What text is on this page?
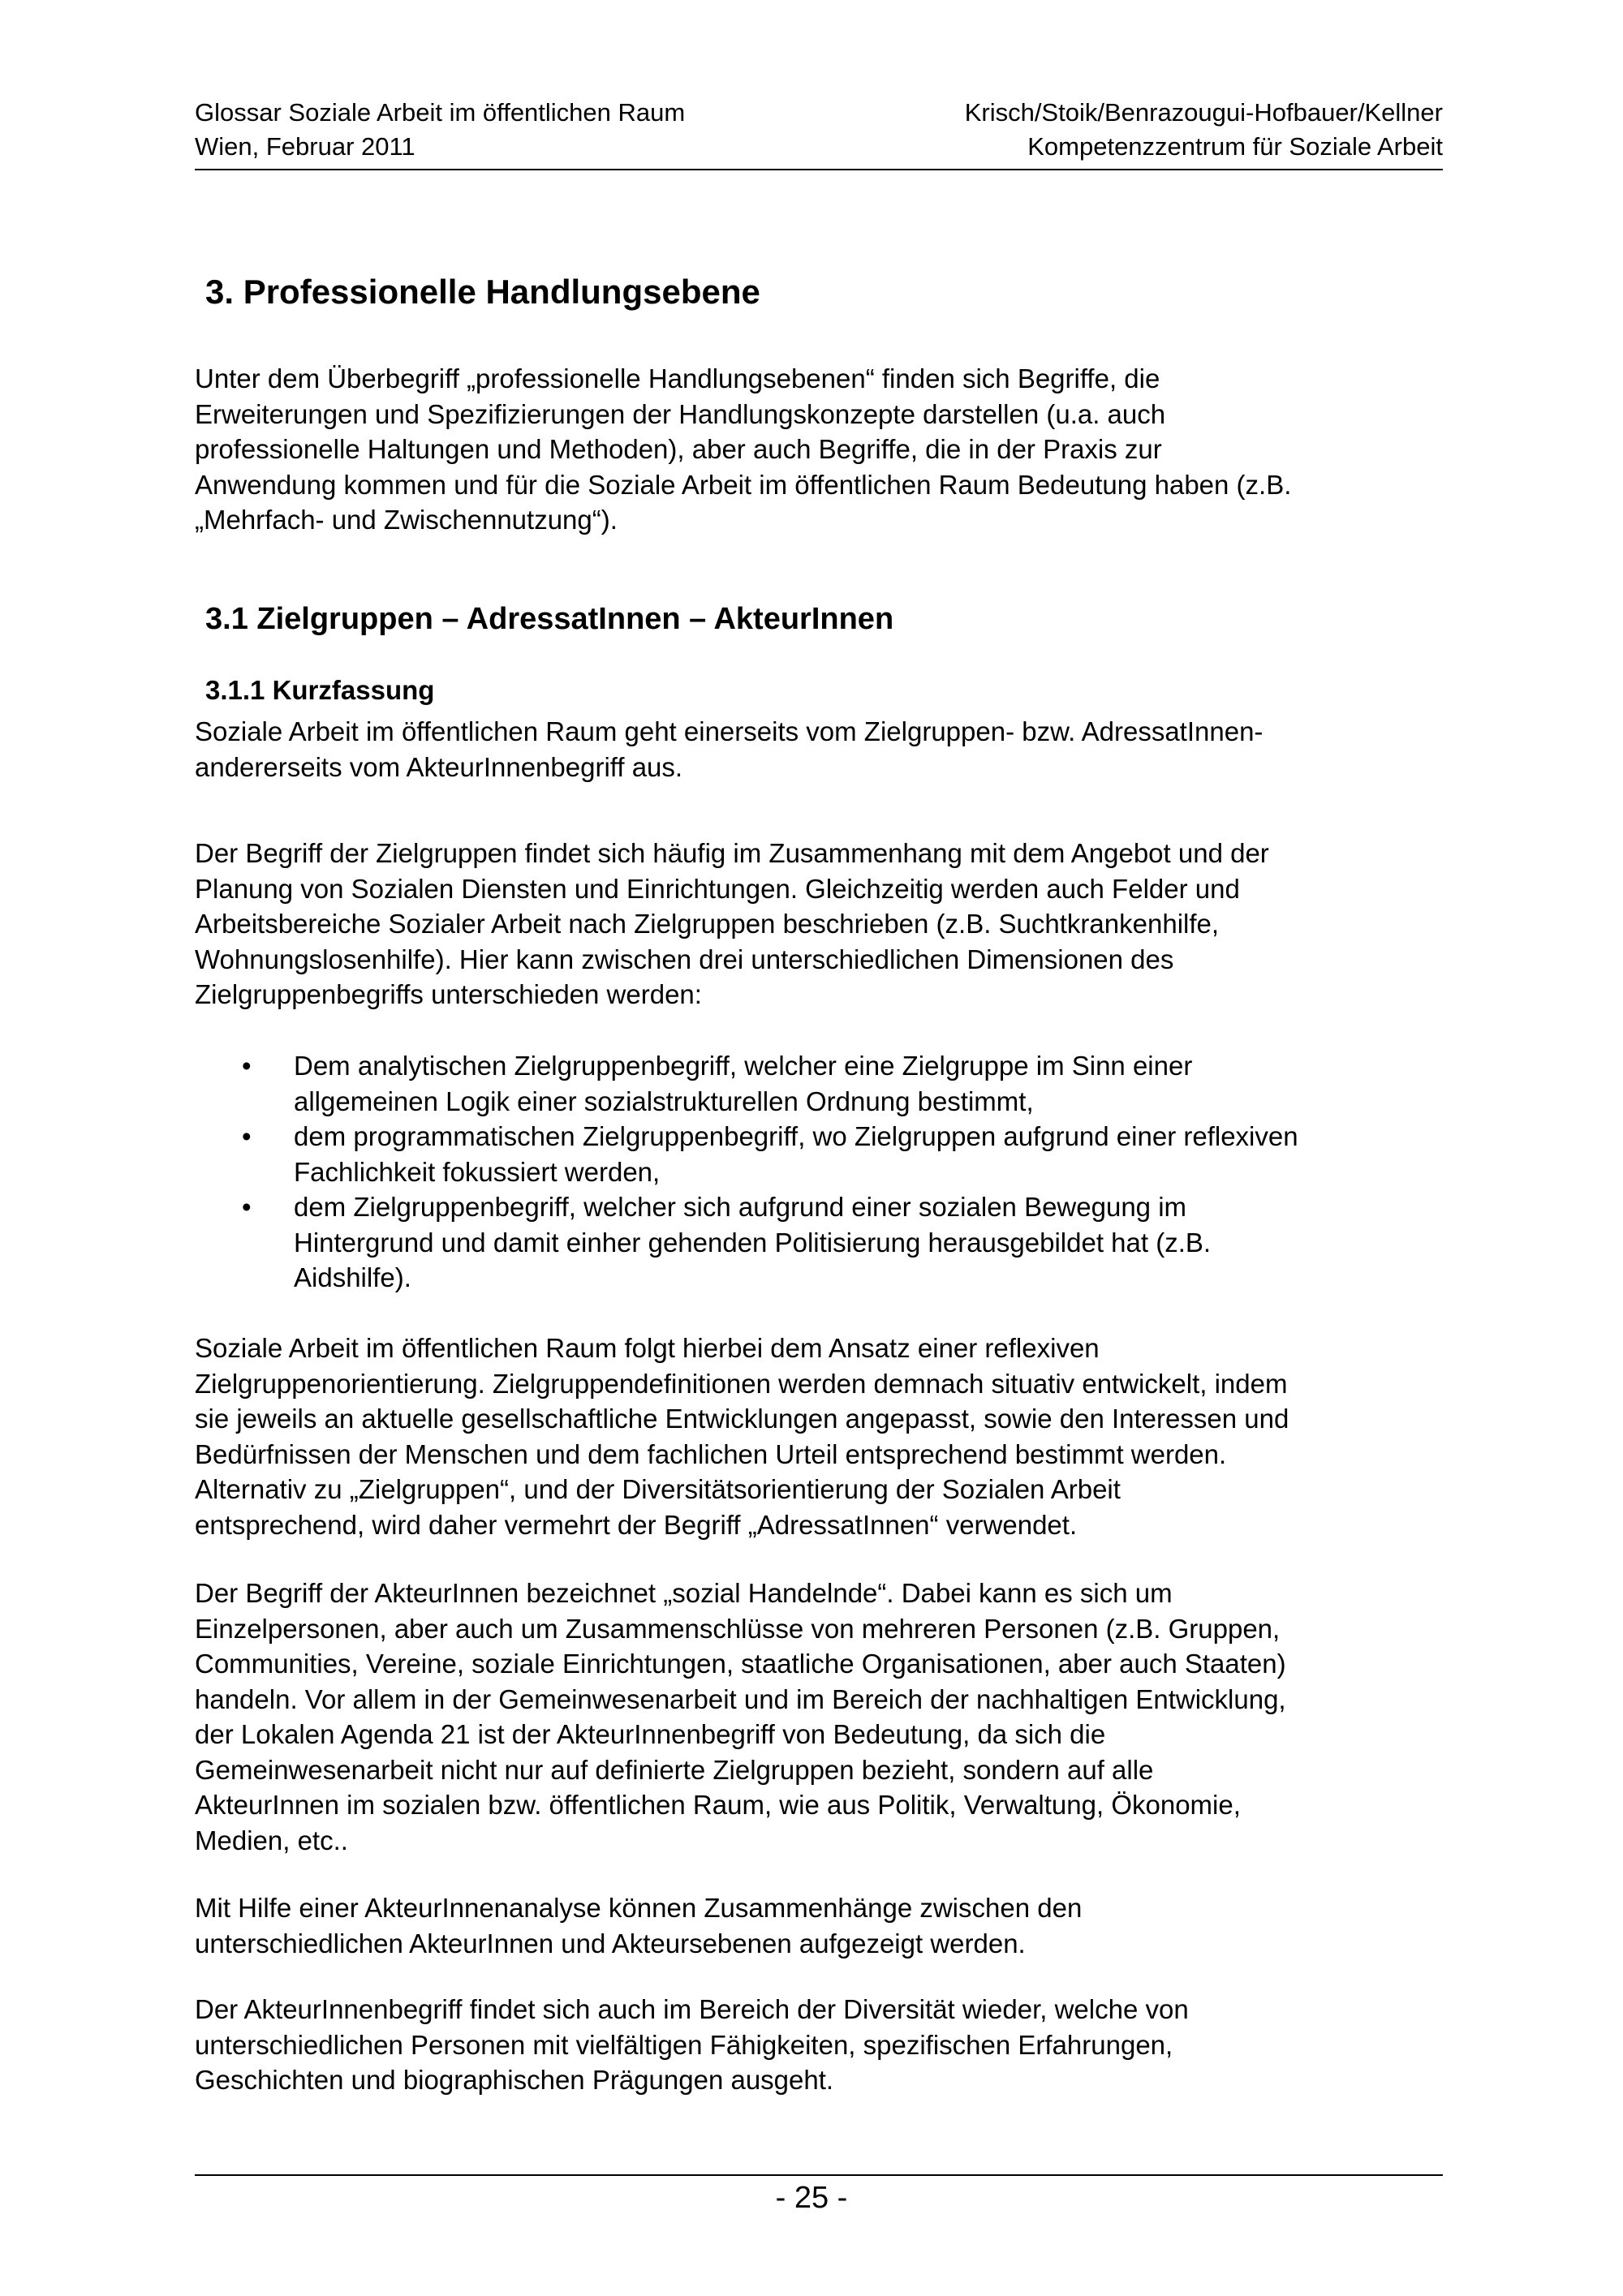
Glossar Soziale Arbeit im öffentlichen Raum
Wien, Februar 2011
Krisch/Stoik/Benrazougui-Hofbauer/Kellner
Kompetenzzentrum für Soziale Arbeit
3. Professionelle Handlungsebene
Unter dem Überbegriff „professionelle Handlungsebenen“ finden sich Begriffe, die
Erweiterungen und Spezifizierungen der Handlungskonzepte darstellen (u.a. auch
professionelle Haltungen und Methoden), aber auch Begriffe, die in der Praxis zur
Anwendung kommen und für die Soziale Arbeit im öffentlichen Raum Bedeutung haben (z.B.
„Mehrfach- und Zwischennutzung“).
3.1 Zielgruppen – AdressatInnen – AkteurInnen
3.1.1 Kurzfassung
Soziale Arbeit im öffentlichen Raum geht einerseits vom Zielgruppen- bzw. AdressatInnen-
andererseits vom AkteurInnenbegriff aus.
Der Begriff der Zielgruppen findet sich häufig im Zusammenhang mit dem Angebot und der
Planung von Sozialen Diensten und Einrichtungen. Gleichzeitig werden auch Felder und
Arbeitsbereiche Sozialer Arbeit nach Zielgruppen beschrieben (z.B. Suchtkrankenhilfe,
Wohnungslosenhilfe). Hier kann zwischen drei unterschiedlichen Dimensionen des
Zielgruppenbegriffs unterschieden werden:
• Dem analytischen Zielgruppenbegriff, welcher eine Zielgruppe im Sinn einer
allgemeinen Logik einer sozialstrukturellen Ordnung bestimmt,
• dem programmatischen Zielgruppenbegriff, wo Zielgruppen aufgrund einer reflexiven
Fachlichkeit fokussiert werden,
• dem Zielgruppenbegriff, welcher sich aufgrund einer sozialen Bewegung im
Hintergrund und damit einher gehenden Politisierung herausgebildet hat (z.B.
Aidshilfe).
Soziale Arbeit im öffentlichen Raum folgt hierbei dem Ansatz einer reflexiven
Zielgruppenorientierung. Zielgruppendefinitionen werden demnach situativ entwickelt, indem
sie jeweils an aktuelle gesellschaftliche Entwicklungen angepasst, sowie den Interessen und
Bedürfnissen der Menschen und dem fachlichen Urteil entsprechend bestimmt werden.
Alternativ zu „Zielgruppen“, und der Diversitätsorientierung der Sozialen Arbeit
entsprechend, wird daher vermehrt der Begriff „AdressatInnen“ verwendet.
Der Begriff der AkteurInnen bezeichnet „sozial Handelnde“. Dabei kann es sich um
Einzelpersonen, aber auch um Zusammenschlüsse von mehreren Personen (z.B. Gruppen,
Communities, Vereine, soziale Einrichtungen, staatliche Organisationen, aber auch Staaten)
handeln. Vor allem in der Gemeinwesenarbeit und im Bereich der nachhaltigen Entwicklung,
der Lokalen Agenda 21 ist der AkteurInnenbegriff von Bedeutung, da sich die
Gemeinwesenarbeit nicht nur auf definierte Zielgruppen bezieht, sondern auf alle
AkteurInnen im sozialen bzw. öffentlichen Raum, wie aus Politik, Verwaltung, Ökonomie,
Medien, etc..
Mit Hilfe einer AkteurInnenanalyse können Zusammenhänge zwischen den
unterschiedlichen AkteurInnen und Akteursebenen aufgezeigt werden.
Der AkteurInnenbegriff findet sich auch im Bereich der Diversität wieder, welche von
unterschiedlichen Personen mit vielfältigen Fähigkeiten, spezifischen Erfahrungen,
Geschichten und biographischen Prägungen ausgeht.
- 25 -
